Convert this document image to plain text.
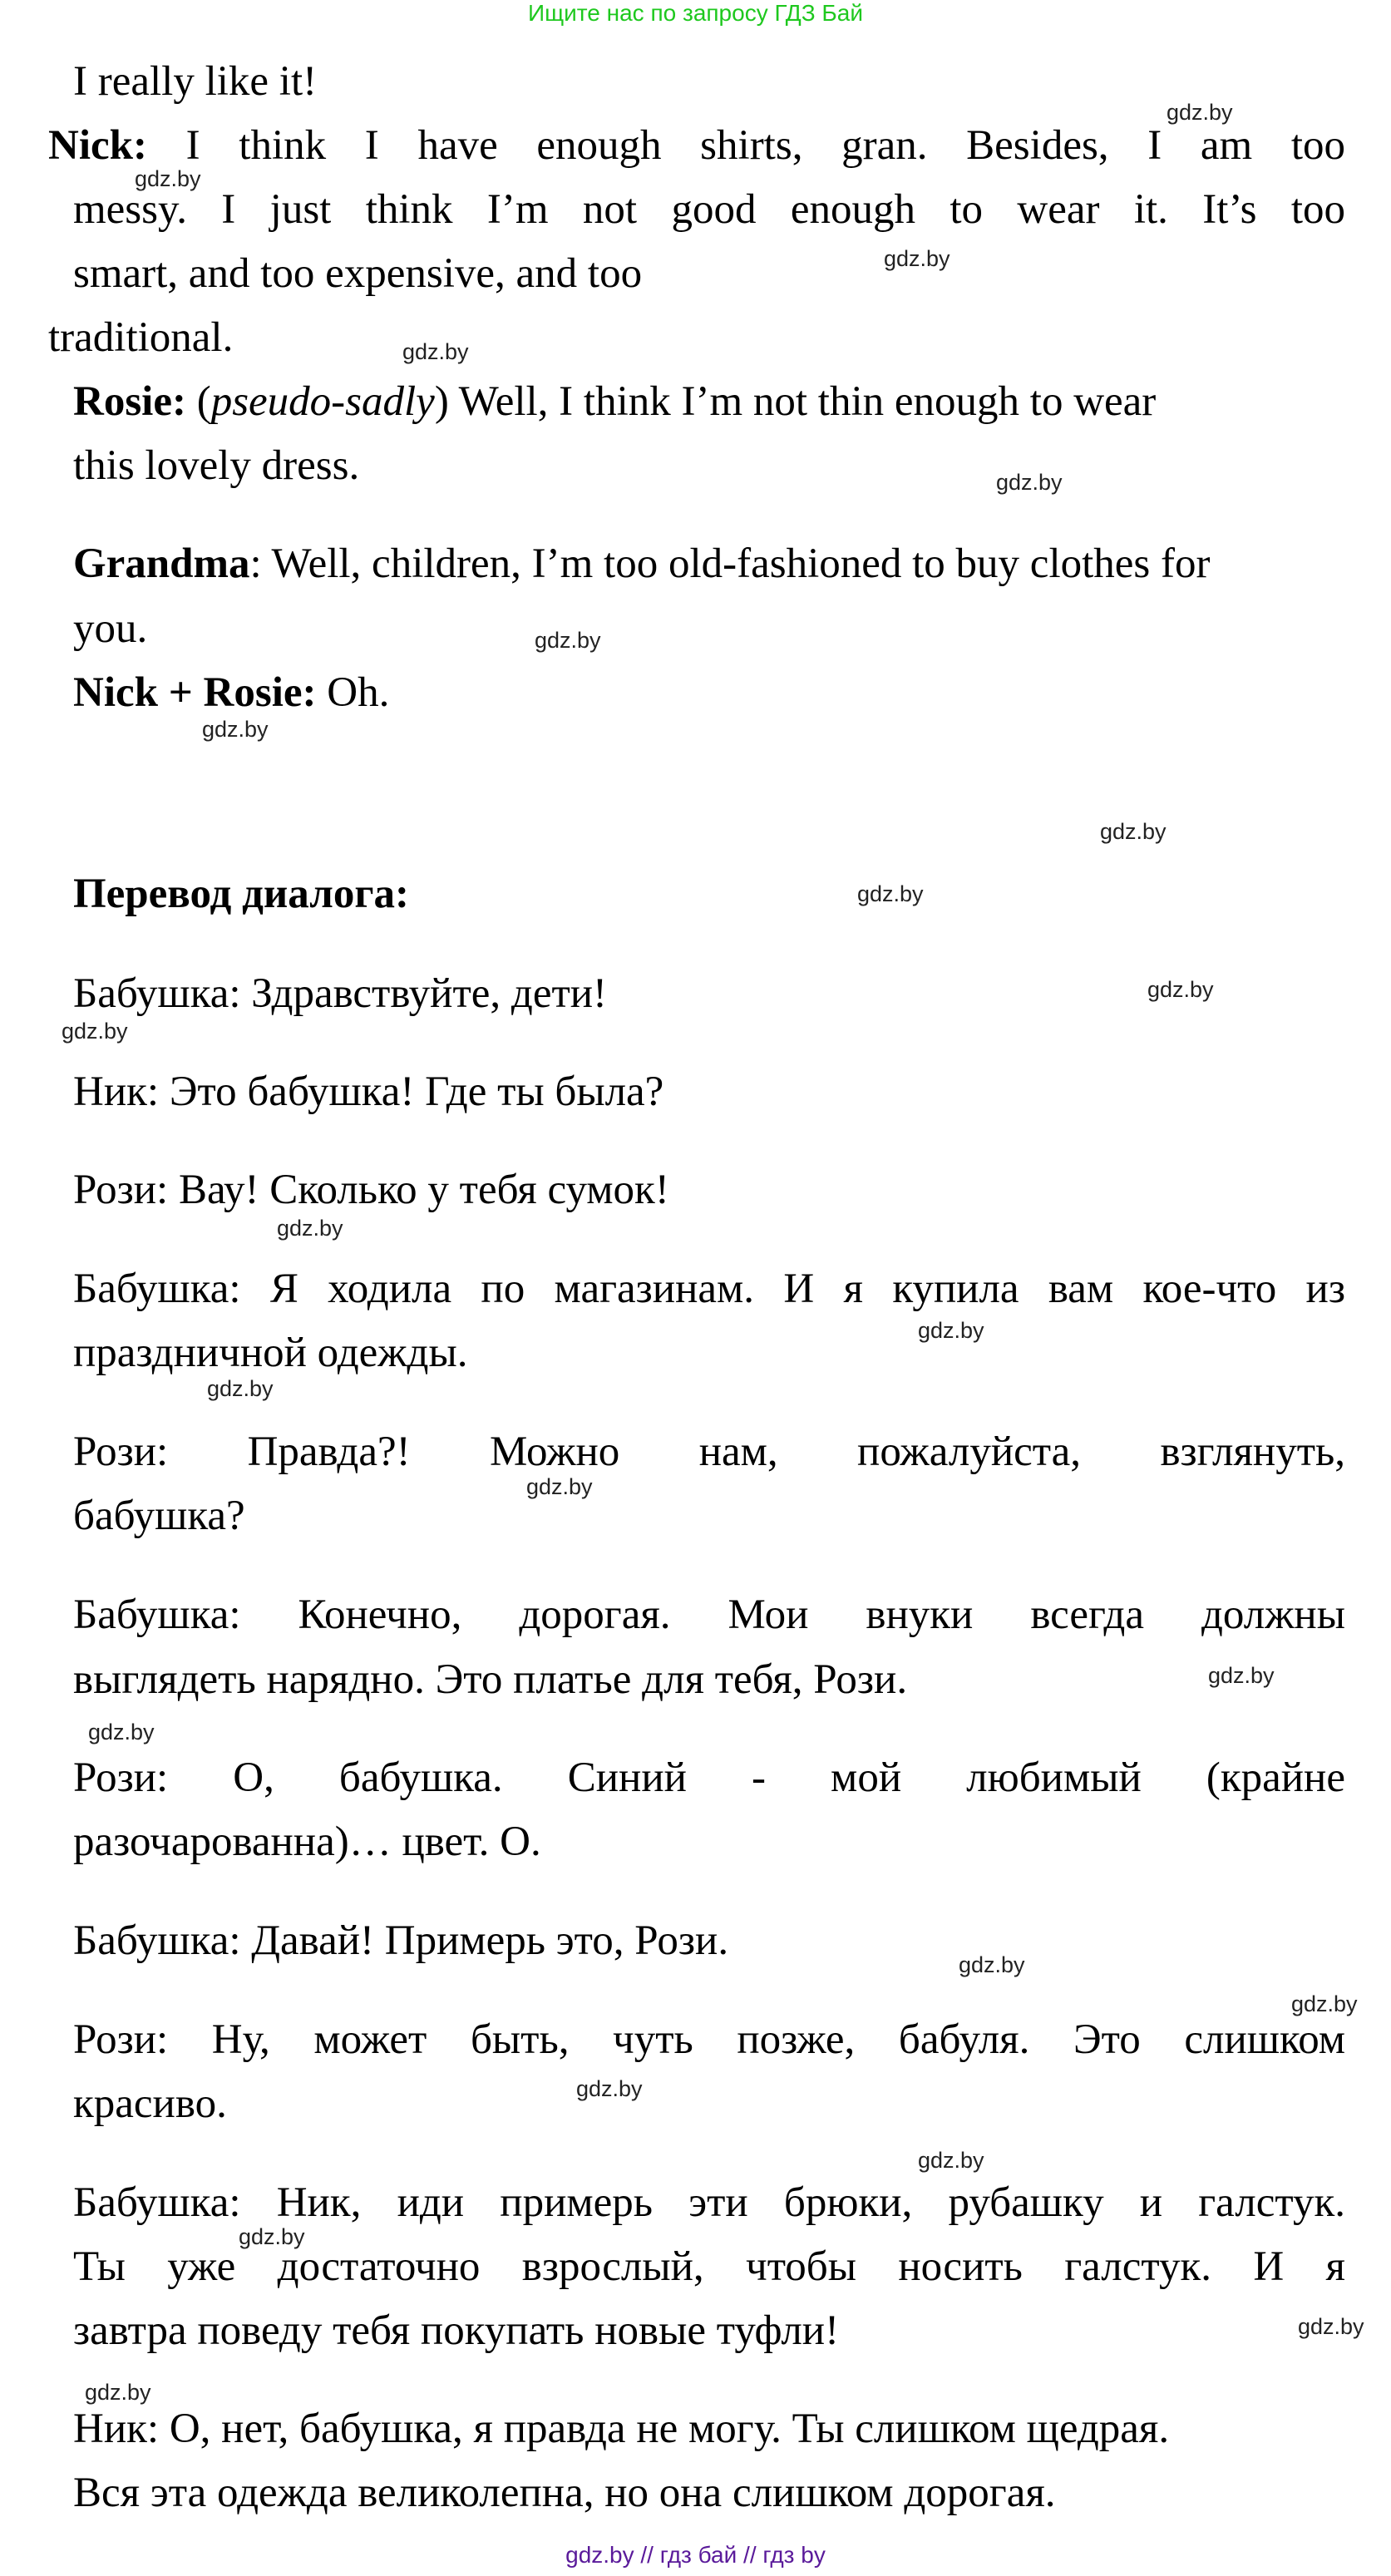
Ищите нас по запросу ГДЗ Бай
I really like it!
Nick: I think I have enough shirts, gran. Besides, I am too
messy. I just think I’m not good enough to wear it. It’s too
smart, and too expensive, and too
traditional.
Rosie: (pseudo-sadly) Well, I think I’m not thin enough to wear
this lovely dress.
Grandma: Well, children, I’m too old-fashioned to buy clothes for
you.
Nick + Rosie: Oh.
Перевод диалога:
Бабушка: Здравствуйте, дети!
Ник: Это бабушка! Где ты была?
Рози: Вау! Сколько у тебя сумок!
Бабушка: Я ходила по магазинам. И я купила вам кое-что из
праздничной одежды.
Рози: Правда?! Можно нам, пожалуйста, взглянуть,
бабушка?
Бабушка: Конечно, дорогая. Мои внуки всегда должны
выглядеть нарядно. Это платье для тебя, Рози.
Рози: О, бабушка. Синий - мой любимый (крайне
разочарованна)… цвет. О.
Бабушка: Давай! Примерь это, Рози.
Рози: Ну, может быть, чуть позже, бабуля. Это слишком
красиво.
Бабушка: Ник, иди примерь эти брюки, рубашку и галстук.
Ты уже достаточно взрослый, чтобы носить галстук. И я
завтра поведу тебя покупать новые туфли!
Ник: О, нет, бабушка, я правда не могу. Ты слишком щедрая.
Вся эта одежда великолепна, но она слишком дорогая.
gdz.by
gdz.by
gdz.by
gdz.by
gdz.by
gdz.by
gdz.by
gdz.by
gdz.by
gdz.by
gdz.by
gdz.by
gdz.by
gdz.by
gdz.by
gdz.by
gdz.by
gdz.by
gdz.by
gdz.by
gdz.by
gdz.by
gdz.by
gdz.by
gdz.by // гдз бай // гдз by
